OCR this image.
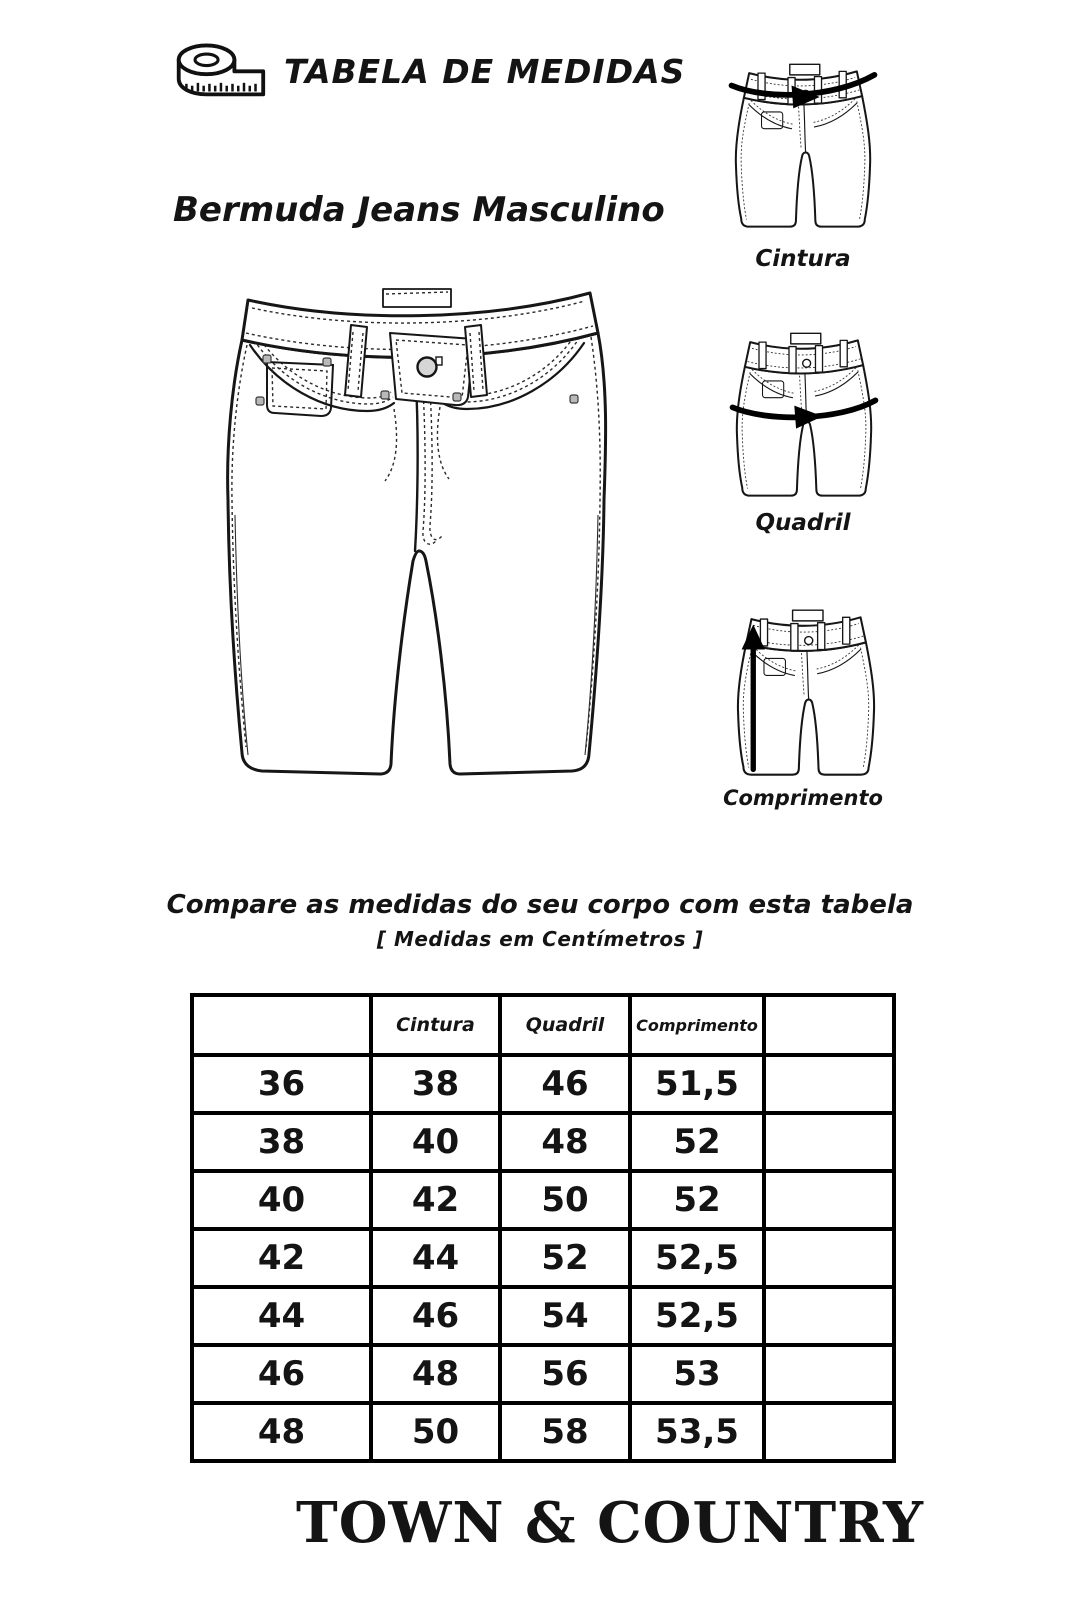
TABELA DE MEDIDAS
Bermuda Jeans Masculino
Cintura
Quadril
Comprimento
Compare as medidas do seu corpo com esta tabela
[ Medidas em Centímetros ]
	Cintura	Quadril	Comprimento	
36	38	46	51,5	
38	40	48	52	
40	42	50	52	
42	44	52	52,5	
44	46	54	52,5	
46	48	56	53	
48	50	58	53,5	
TOWN & COUNTRY
